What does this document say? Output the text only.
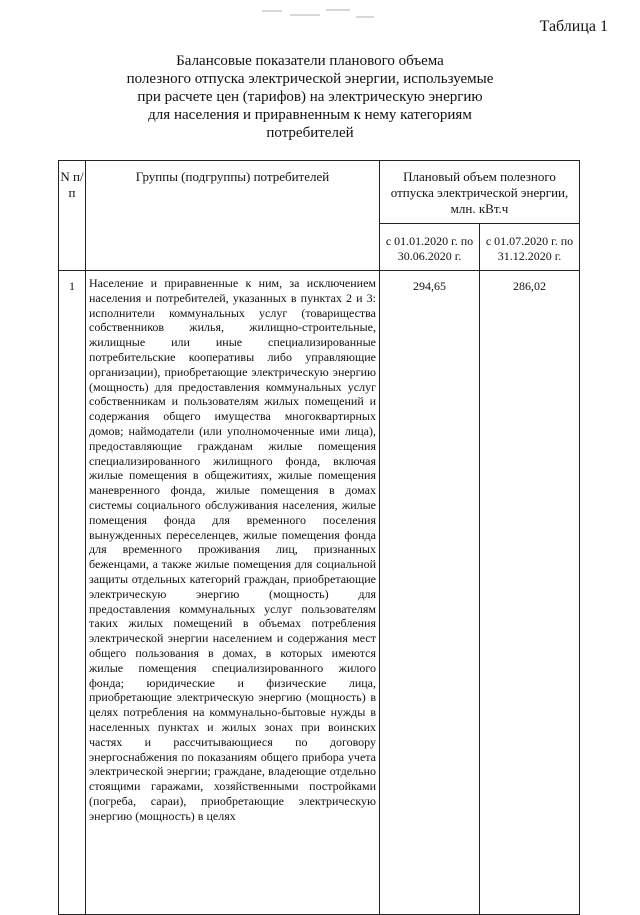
Таблица 1
Балансовые показатели планового объема
полезного отпуска электрической энергии, используемые
при расчете цен (тарифов) на электрическую энергию
для населения и приравненным к нему категориям
потребителей
N п/п	Группы (подгруппы) потребителей	Плановый объем полезного отпуска электрической энергии, млн. кВт.ч	
		с 01.01.2020 г. по 30.06.2020 г.	с 01.07.2020 г. по 31.12.2020 г.
1	Население и приравненные к ним, за исключением населения и потребителей, указанных в пунктах 2 и 3: исполнители коммунальных услуг (товарищества собственников жилья, жилищно-строительные, жилищные или иные специализированные потребительские кооперативы либо управляющие организации), приобретающие электрическую энергию (мощность) для предоставления коммунальных услуг собственникам и пользователям жилых помещений и содержания общего имущества многоквартирных домов; наймодатели (или уполномоченные ими лица), предоставляющие гражданам жилые помещения специализированного жилищного фонда, включая жилые помещения в общежитиях, жилые помещения маневренного фонда, жилые помещения в домах системы социального обслуживания населения, жилые помещения фонда для временного поселения вынужденных переселенцев, жилые помещения фонда для временного проживания лиц, признанных беженцами, а также жилые помещения для социальной защиты отдельных категорий граждан, приобретающие электрическую энергию (мощность) для предоставления коммунальных услуг пользователям таких жилых помещений в объемах потребления электрической энергии населением и содержания мест общего пользования в домах, в которых имеются жилые помещения специализированного жилого фонда; юридические и физические лица, приобретающие электрическую энергию (мощность) в целях потребления на коммунально-бытовые нужды в населенных пунктах и жилых зонах при воинских частях и рассчитывающиеся по договору энергоснабжения по показаниям общего прибора учета электрической энергии; граждане, владеющие отдельно стоящими гаражами, хозяйственными постройками (погреба, сараи), приобретающие электрическую энергию (мощность) в целях	294,65	286,02
